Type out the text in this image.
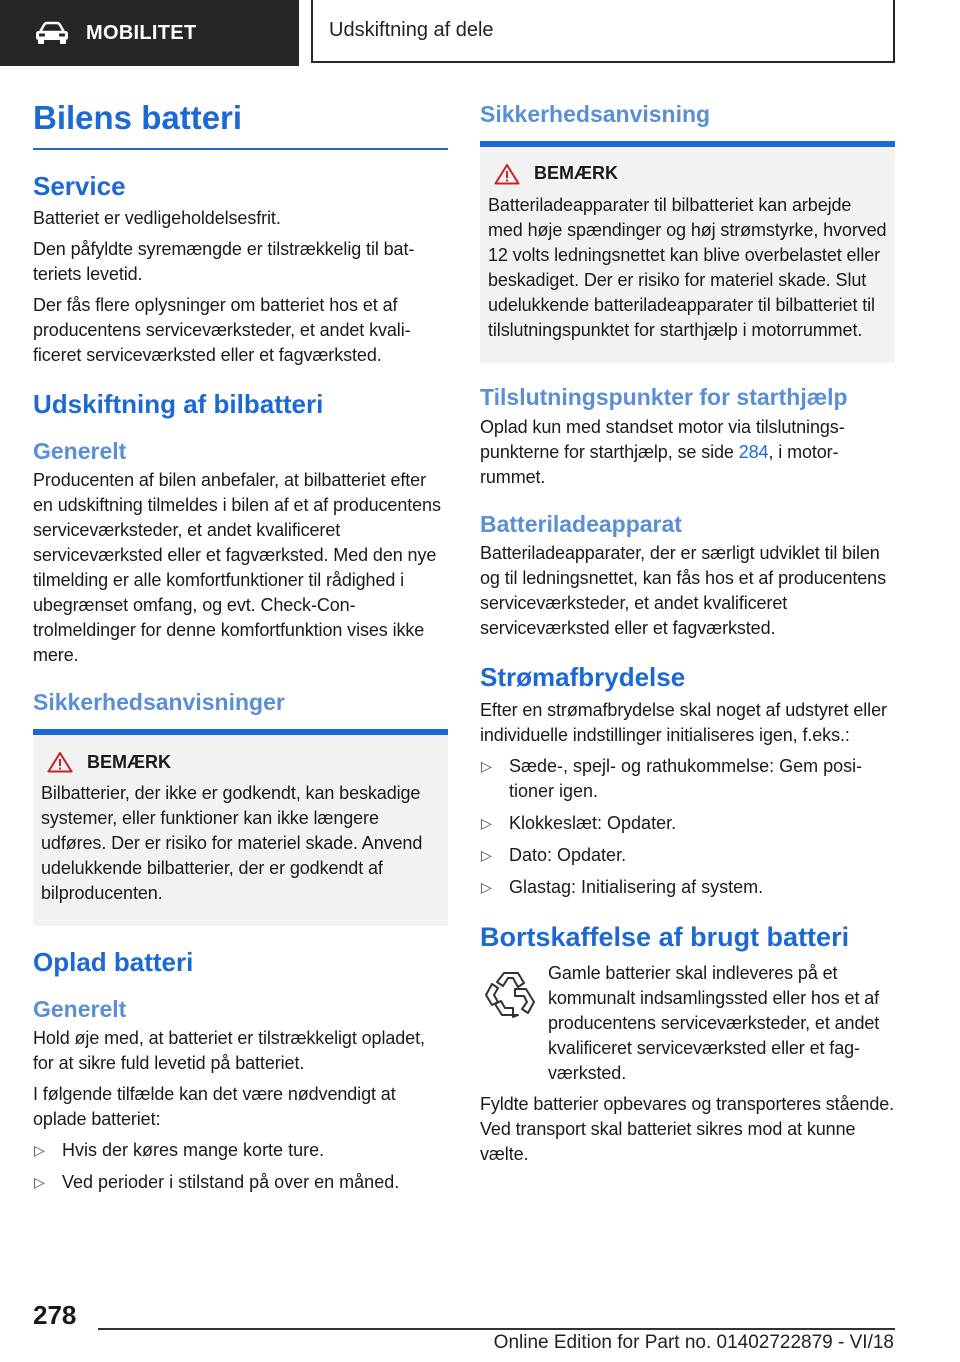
MOBILITET	Udskiftning af dele
Bilens batteri
Service

Batteriet er vedligeholdelsesfrit.

Den påfyldte syremængde er tilstrækkelig til batteriets levetid.

Der fås flere oplysninger om batteriet hos et af producentens serviceværksteder, et andet kvalificeret serviceværksted eller et fagværksted.

Udskiftning af bilbatteri
Generelt

Producenten af bilen anbefaler, at bilbatteriet efter en udskiftning tilmeldes i bilen af et af producentens serviceværksteder, et andet kvalificeret serviceværksted eller et fagværksted. Med den nye tilmelding er alle komfortfunktioner til rådighed i ubegrænset omfang, og evt. Check-Controlmeldinger for denne komfortfunktion vises ikke mere.

Sikkerhedsanvisninger
BEMÆRK

Bilbatterier, der ikke er godkendt, kan beskadige systemer, eller funktioner kan ikke længere udføres. Der er risiko for materiel skade. Anvend udelukkende bilbatterier, der er godkendt af bilproducenten.

Oplad batteri
Generelt

Hold øje med, at batteriet er tilstrækkeligt opladet, for at sikre fuld levetid på batteriet.

I følgende tilfælde kan det være nødvendigt at oplade batteriet:

▷ Hvis der køres mange korte ture.
▷ Ved perioder i stilstand på over en måned.
Sikkerhedsanvisning
BEMÆRK

Batteriladeapparater til bilbatteriet kan arbejde med høje spændinger og høj strømstyrke, hvorved 12 volts ledningsnettet kan blive overbelastet eller beskadiget. Der er risiko for materiel skade. Slut udelukkende batteriladeapparater til bilbatteriet til tilslutningspunktet for starthjælp i motorrummet.

Tilslutningspunkter for starthjælp

Oplad kun med standset motor via tilslutningspunkterne for starthjælp, se side 284, i motorrummet.

Batteriladeapparat

Batteriladeapparater, der er særligt udviklet til bilen og til ledningsnettet, kan fås hos et af producentens serviceværksteder, et andet kvalificeret serviceværksted eller et fagværksted.

Strømafbrydelse

Efter en strømafbrydelse skal noget af udstyret eller individuelle indstillinger initialiseres igen, f.eks.:

▷ Sæde-, spejl- og rathukommelse: Gem positioner igen.
▷ Klokkeslæt: Opdater.
▷ Dato: Opdater.
▷ Glastag: Initialisering af system.
Bortskaffelse af brugt batteri

Gamle batterier skal indleveres på et kommunalt indsamlingssted eller hos et af producentens serviceværksteder, et andet kvalificeret serviceværksted eller et fagværksted.

Fyldte batterier opbevares og transporteres stående. Ved transport skal batteriet sikres mod at kunne vælte.

278
Online Edition for Part no. 01402722879 - VI/18
